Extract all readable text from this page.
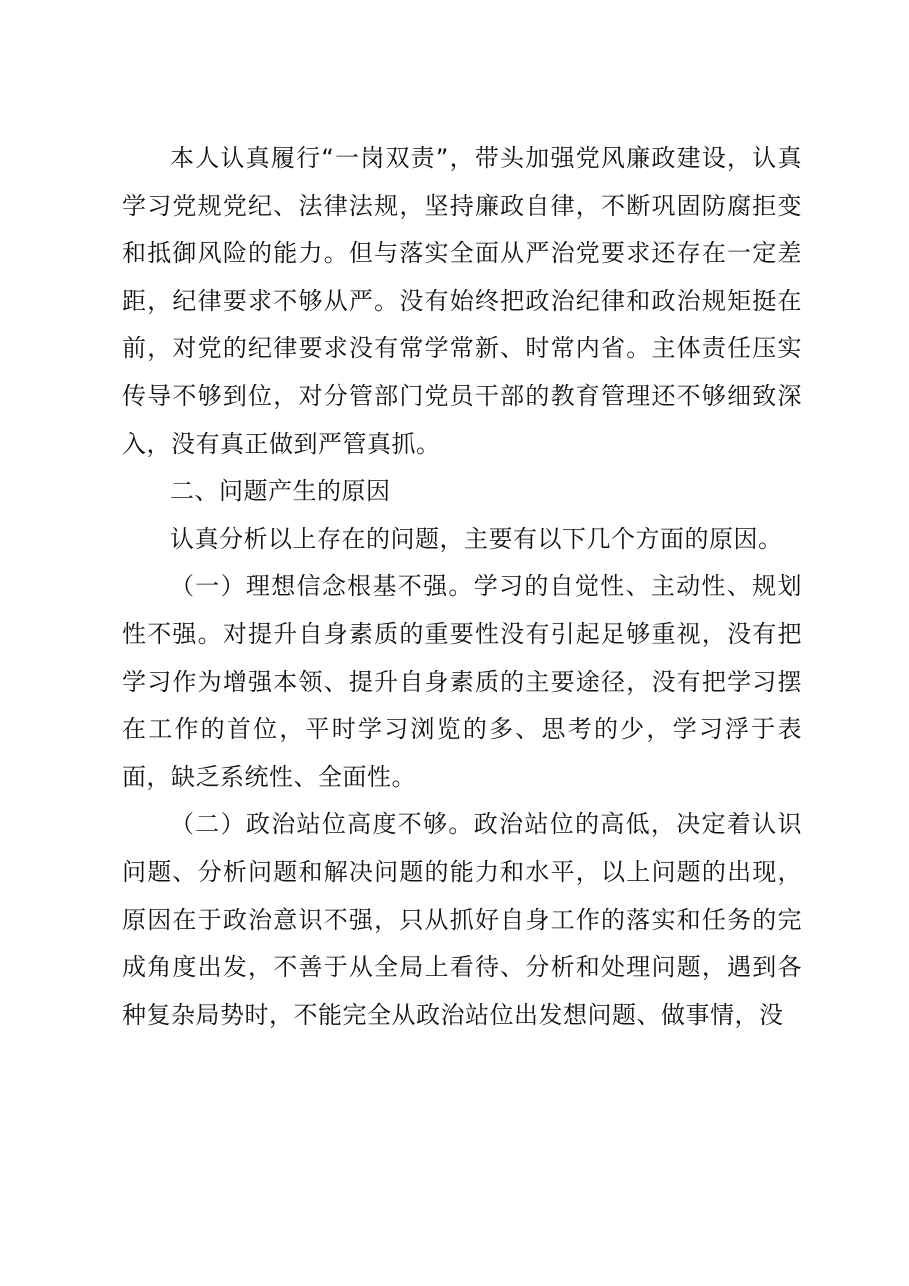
本人认真履行“一岗双责”，带头加强党风廉政建设，认真学习党规党纪、法律法规，坚持廉政自律，不断巩固防腐拒变和抵御风险的能力。但与落实全面从严治党要求还存在一定差距，纪律要求不够从严。没有始终把政治纪律和政治规矩挺在前，对党的纪律要求没有常学常新、时常内省。主体责任压实传导不够到位，对分管部门党员干部的教育管理还不够细致深入，没有真正做到严管真抓。

二、问题产生的原因

认真分析以上存在的问题，主要有以下几个方面的原因。

（一）理想信念根基不强。学习的自觉性、主动性、规划性不强。对提升自身素质的重要性没有引起足够重视，没有把学习作为增强本领、提升自身素质的主要途径，没有把学习摆在工作的首位，平时学习浏览的多、思考的少，学习浮于表面，缺乏系统性、全面性。

（二）政治站位高度不够。政治站位的高低，决定着认识问题、分析问题和解决问题的能力和水平，以上问题的出现，原因在于政治意识不强，只从抓好自身工作的落实和任务的完成角度出发，不善于从全局上看待、分析和处理问题，遇到各种复杂局势时，不能完全从政治站位出发想问题、做事情，没
